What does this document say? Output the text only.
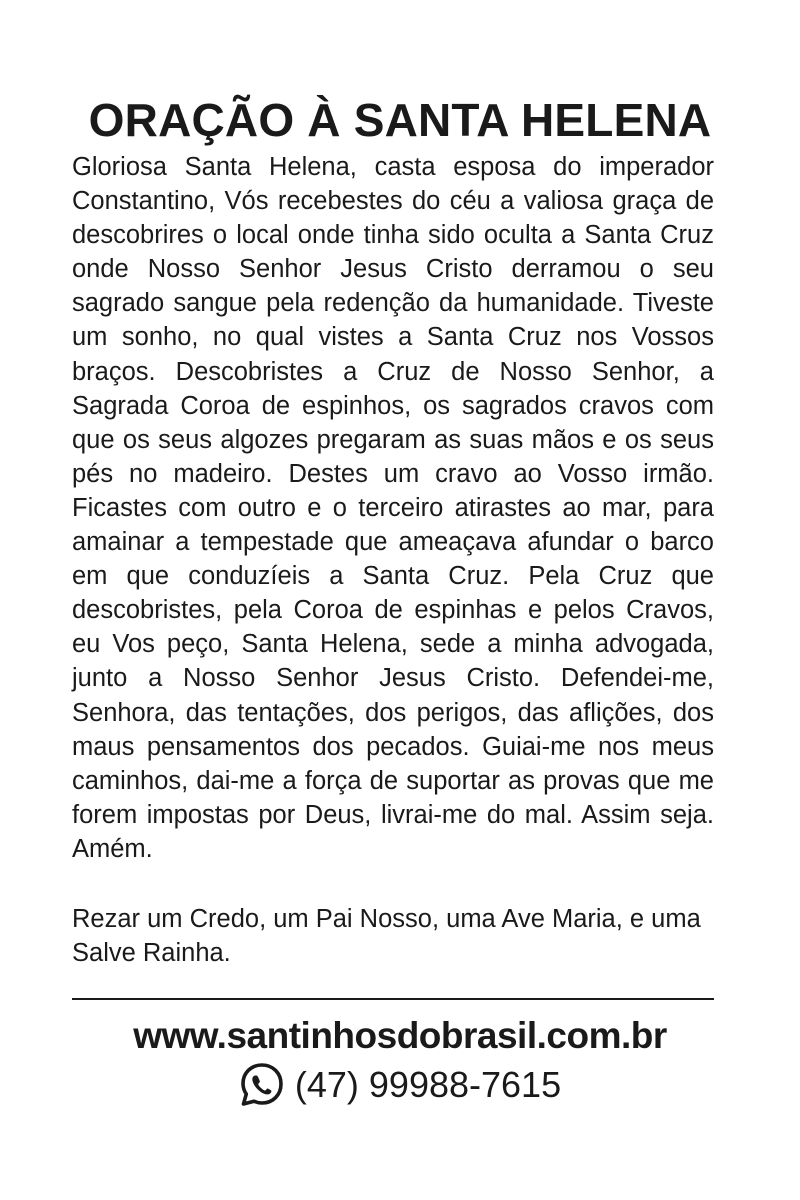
ORAÇÃO À SANTA HELENA

Gloriosa Santa Helena, casta esposa do imperador Constantino, Vós recebestes do céu a valiosa graça de descobrires o local onde tinha sido oculta a Santa Cruz onde Nosso Senhor Jesus Cristo derramou o seu sagrado sangue pela redenção da humanidade. Tiveste um sonho, no qual vistes a Santa Cruz nos Vossos braços. Descobristes a Cruz de Nosso Senhor, a Sagrada Coroa de espinhos, os sagrados cravos com que os seus algozes pregaram as suas mãos e os seus pés no madeiro. Destes um cravo ao Vosso irmão. Ficastes com outro e o terceiro atirastes ao mar, para amainar a tempestade que ameaçava afundar o barco em que conduzíeis a Santa Cruz. Pela Cruz que descobristes, pela Coroa de espinhas e pelos Cravos, eu Vos peço, Santa Helena, sede a minha advogada, junto a Nosso Senhor Jesus Cristo. Defendei-me, Senhora, das tentações, dos perigos, das aflições, dos maus pensamentos dos pecados. Guiai-me nos meus caminhos, dai-me a força de suportar as provas que me forem impostas por Deus, livrai-me do mal. Assim seja. Amém.

Rezar um Credo, um Pai Nosso, uma Ave Maria, e uma Salve Rainha.

www.santinhosdobrasil.com.br
(47) 99988-7615
